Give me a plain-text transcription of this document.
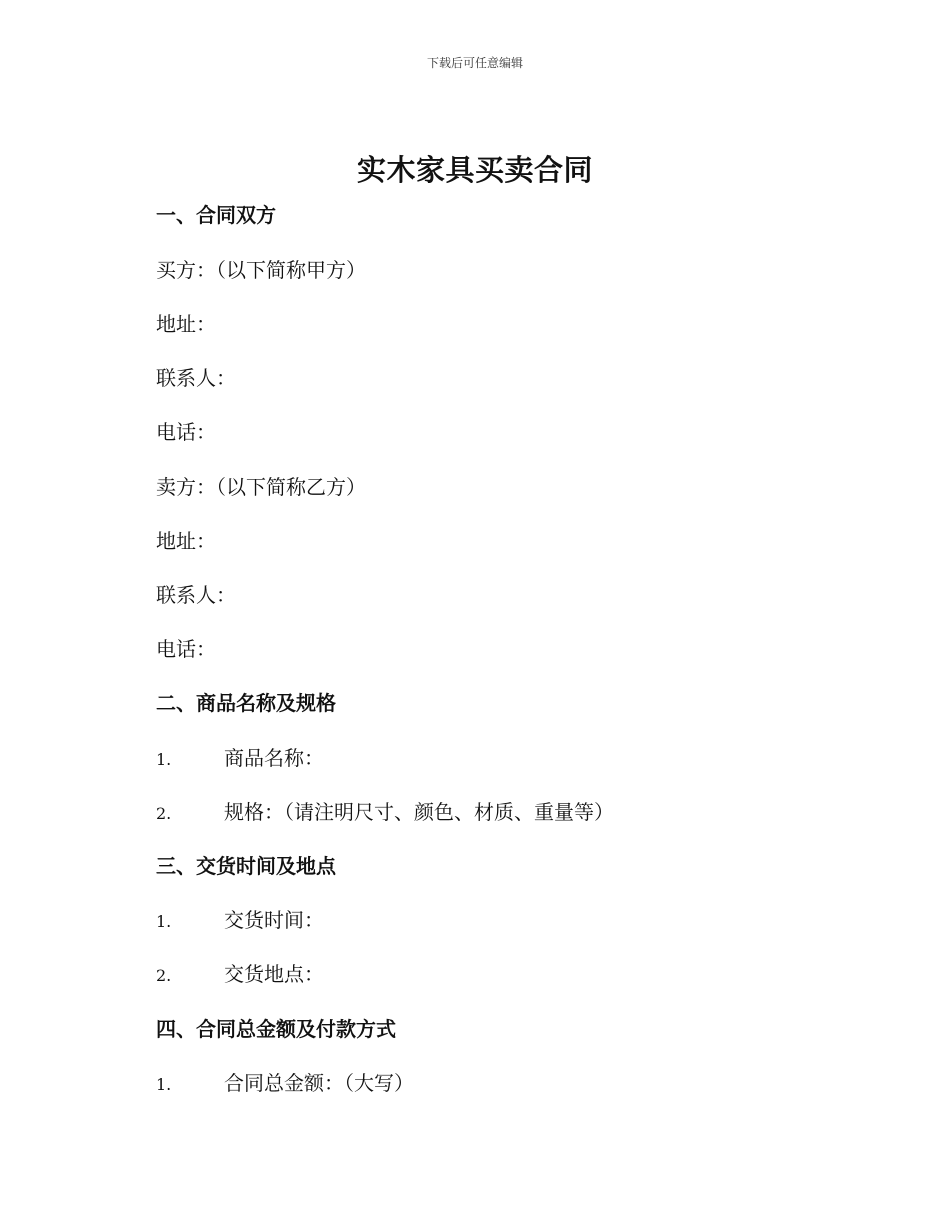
下载后可任意编辑
实木家具买卖合同
一、合同双方
买方：（以下简称甲方）
地址：
联系人：
电话：
卖方：（以下简称乙方）
地址：
联系人：
电话：
二、商品名称及规格
1.	商品名称：
2.	规格：（请注明尺寸、颜色、材质、重量等）
三、交货时间及地点
1.	交货时间：
2.	交货地点：
四、合同总金额及付款方式
1.	合同总金额：（大写）
